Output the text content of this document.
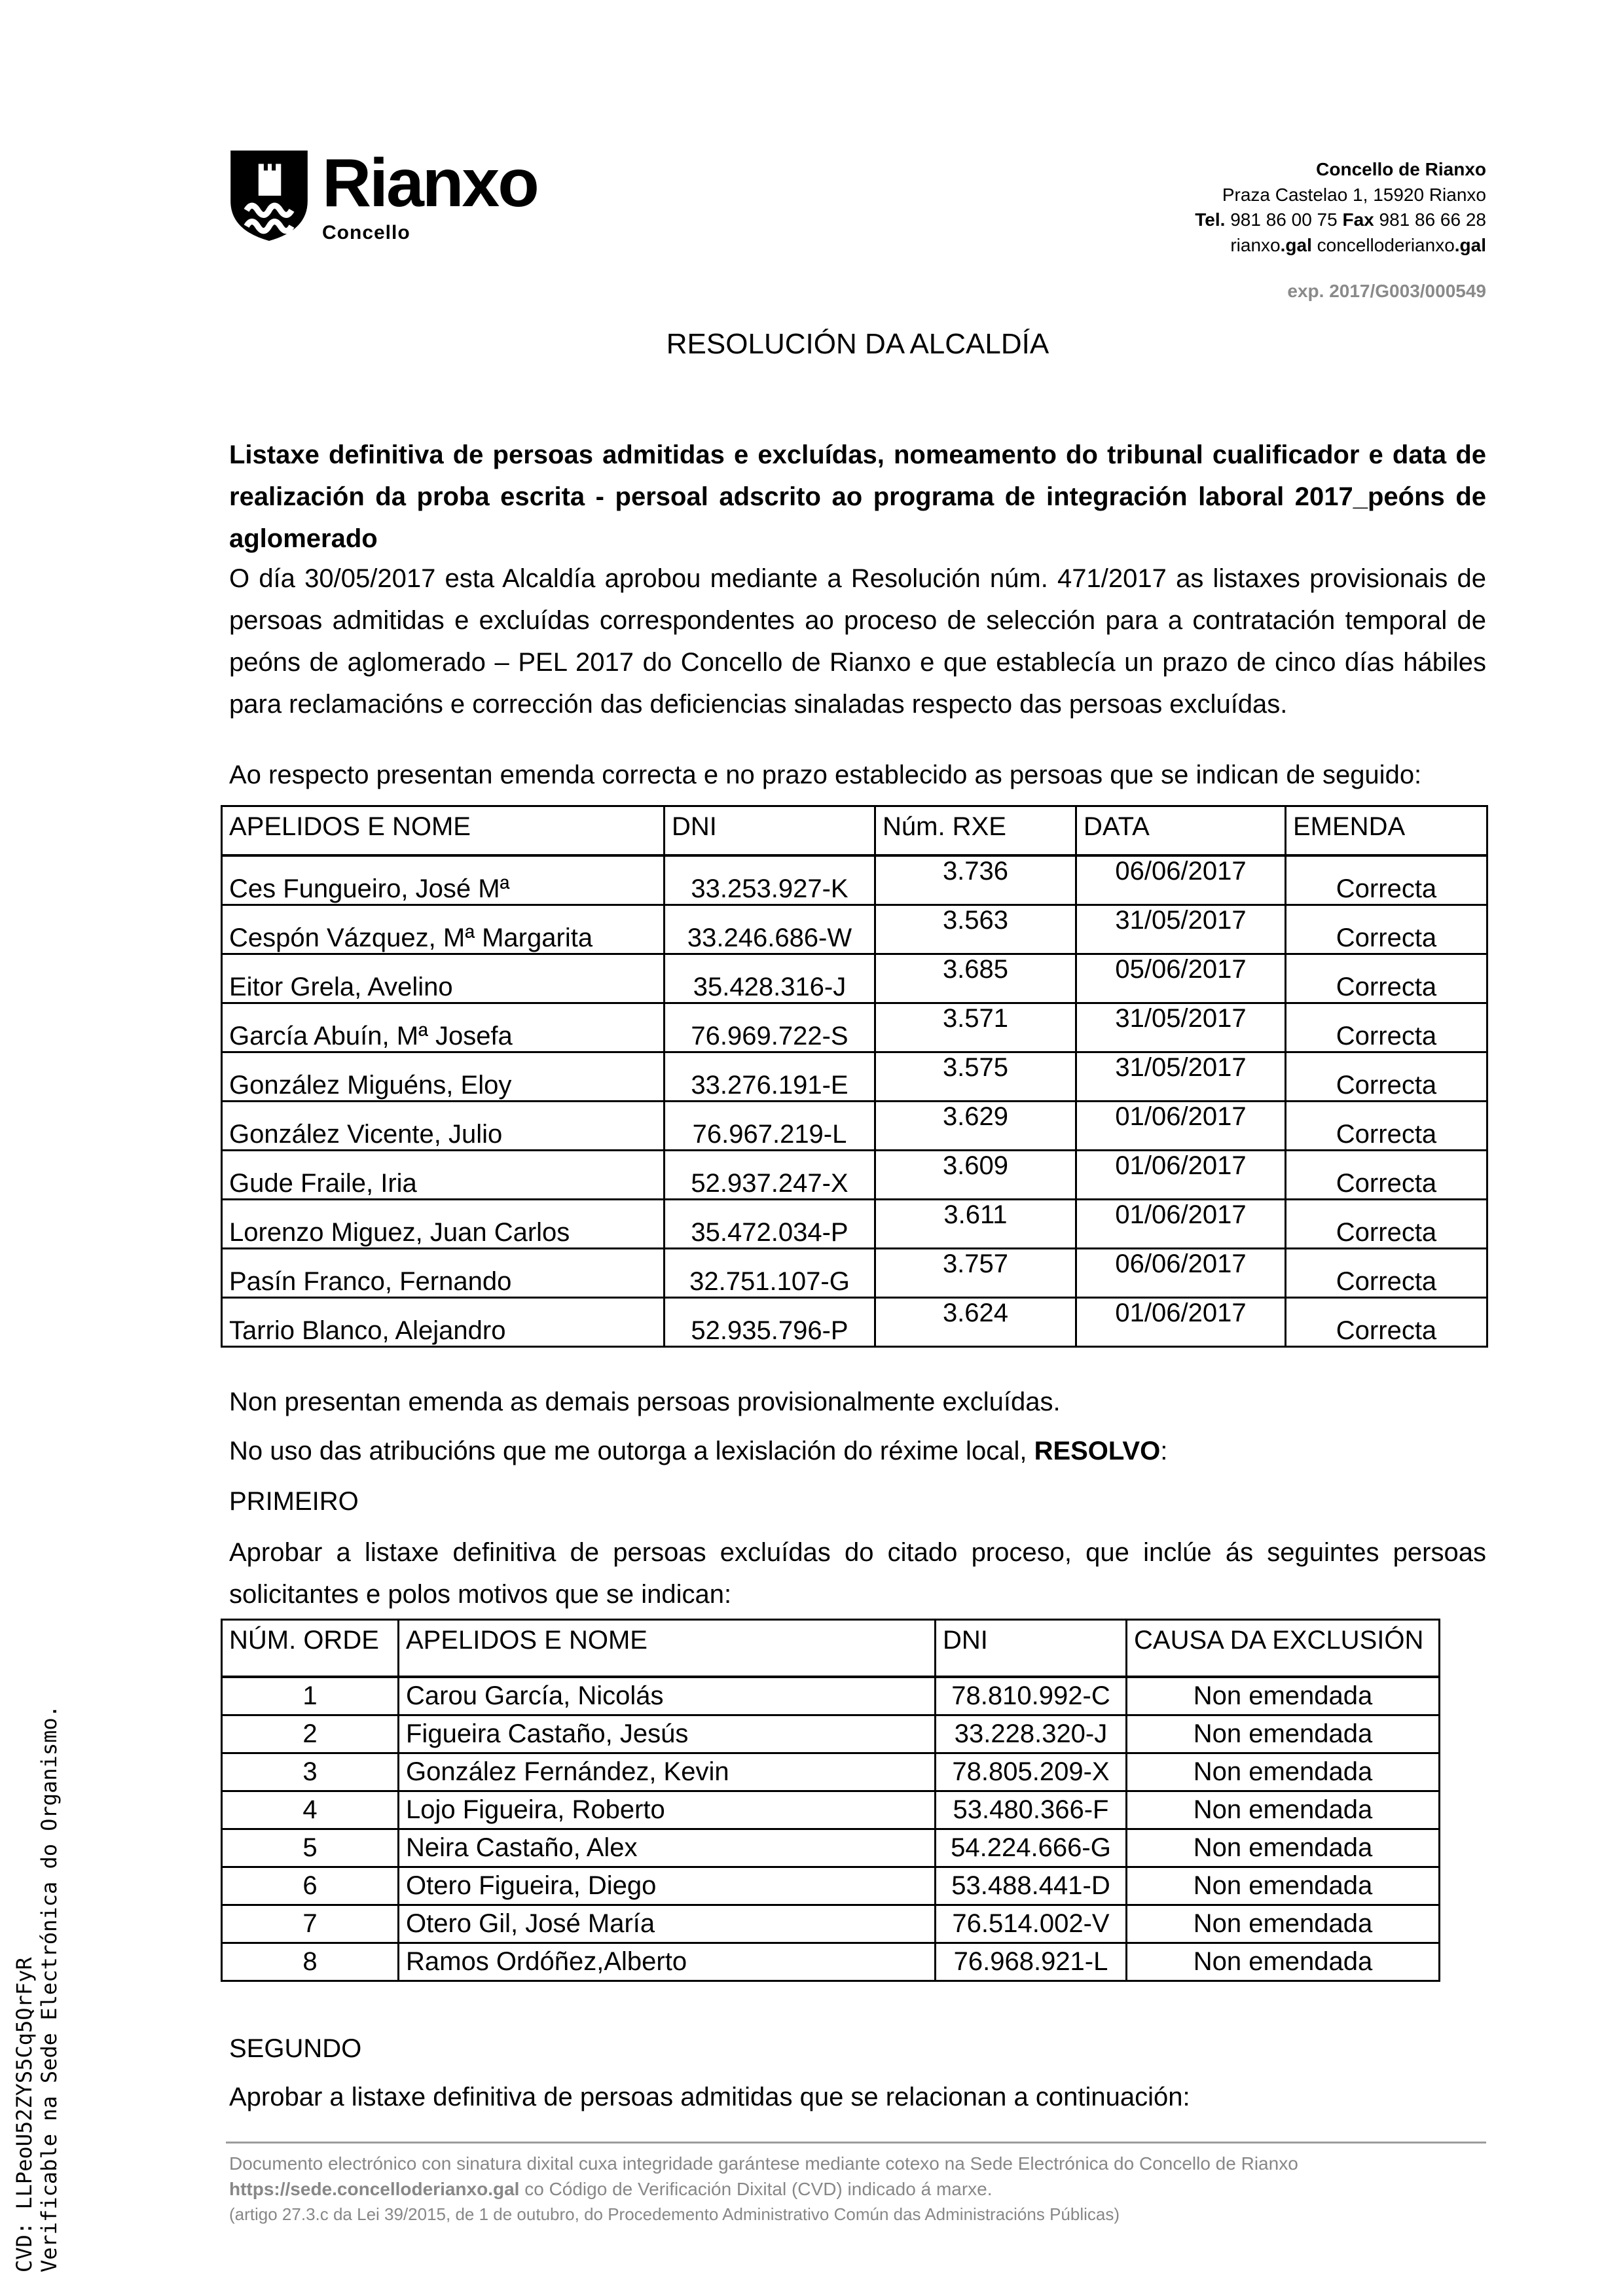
CVD: LLPeoU52ZYS5Cq5QrFyR Verificable na Sede Electrónica do Organismo.
Rianxo
Concello
Concello de Rianxo
Praza Castelao 1, 15920 Rianxo
Tel. 981 86 00 75 Fax 981 86 66 28
rianxo.gal concelloderianxo.gal
exp. 2017/G003/000549
RESOLUCIÓN DA ALCALDÍA
Listaxe definitiva de persoas admitidas e excluídas, nomeamento do tribunal cualificador e data de realización da proba escrita - persoal adscrito ao programa de integración laboral 2017_peóns de aglomerado
O día 30/05/2017 esta Alcaldía aprobou mediante a Resolución núm. 471/2017 as listaxes provisionais de persoas admitidas e excluídas correspondentes ao proceso de selección para a contratación temporal de peóns de aglomerado – PEL 2017 do Concello de Rianxo e que establecía un prazo de cinco días hábiles para reclamacións e corrección das deficiencias sinaladas respecto das persoas excluídas.
Ao respecto presentan emenda correcta e no prazo establecido as persoas que se indican de seguido:
APELIDOS E NOME	DNI	Núm. RXE	DATA	EMENDA
Ces Fungueiro, José Mª	33.253.927-K	3.736	06/06/2017	Correcta
Cespón Vázquez, Mª Margarita	33.246.686-W	3.563	31/05/2017	Correcta
Eitor Grela, Avelino	35.428.316-J	3.685	05/06/2017	Correcta
García Abuín, Mª Josefa	76.969.722-S	3.571	31/05/2017	Correcta
González Miguéns, Eloy	33.276.191-E	3.575	31/05/2017	Correcta
González Vicente, Julio	76.967.219-L	3.629	01/06/2017	Correcta
Gude Fraile, Iria	52.937.247-X	3.609	01/06/2017	Correcta
Lorenzo Miguez, Juan Carlos	35.472.034-P	3.611	01/06/2017	Correcta
Pasín Franco, Fernando	32.751.107-G	3.757	06/06/2017	Correcta
Tarrio Blanco, Alejandro	52.935.796-P	3.624	01/06/2017	Correcta
Non presentan emenda as demais persoas provisionalmente excluídas.
No uso das atribucións que me outorga a lexislación do réxime local, RESOLVO:
PRIMEIRO
Aprobar a listaxe definitiva de persoas excluídas do citado proceso, que inclúe ás seguintes persoas solicitantes e polos motivos que se indican:
NÚM. ORDE	APELIDOS E NOME	DNI	CAUSA DA EXCLUSIÓN
1	Carou García, Nicolás	78.810.992-C	Non emendada
2	Figueira Castaño, Jesús	33.228.320-J	Non emendada
3	González Fernández, Kevin	78.805.209-X	Non emendada
4	Lojo Figueira, Roberto	53.480.366-F	Non emendada
5	Neira Castaño, Alex	54.224.666-G	Non emendada
6	Otero Figueira, Diego	53.488.441-D	Non emendada
7	Otero Gil, José María	76.514.002-V	Non emendada
8	Ramos Ordóñez,Alberto	76.968.921-L	Non emendada
SEGUNDO
Aprobar a listaxe definitiva de persoas admitidas que se relacionan a continuación:
Documento electrónico con sinatura dixital cuxa integridade garántese mediante cotexo na Sede Electrónica do Concello de Rianxo
https://sede.concelloderianxo.gal co Código de Verificación Dixital (CVD) indicado á marxe.
(artigo 27.3.c da Lei 39/2015, de 1 de outubro, do Procedemento Administrativo Común das Administracións Públicas)
